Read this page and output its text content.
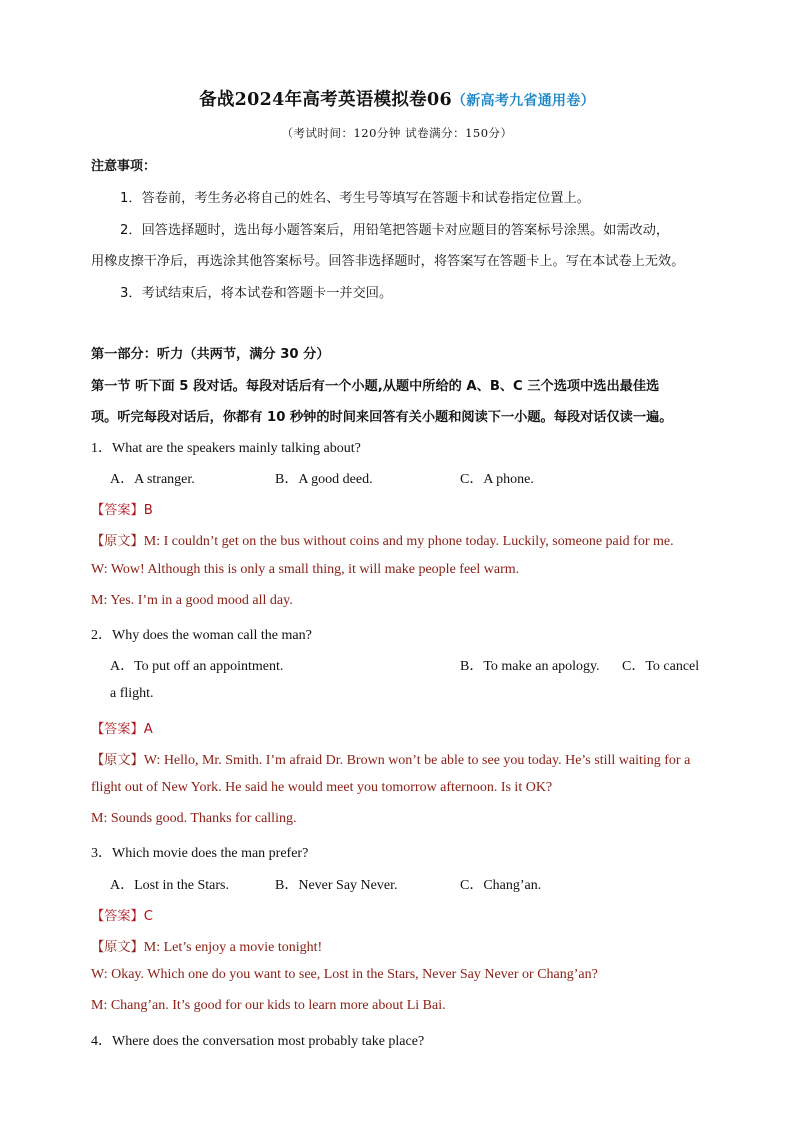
备战2024年高考英语模拟卷06（新高考九省通用卷）
（考试时间：120分钟 试卷满分：150分）
注意事项：
1．答卷前，考生务必将自己的姓名、考生号等填写在答题卡和试卷指定位置上。
2．回答选择题时，选出每小题答案后，用铅笔把答题卡对应题目的答案标号涂黑。如需改动，
用橡皮擦干净后，再选涂其他答案标号。回答非选择题时，将答案写在答题卡上。写在本试卷上无效。
3．考试结束后，将本试卷和答题卡一并交回。
第一部分：听力（共两节，满分 30 分）
第一节 听下面 5 段对话。每段对话后有一个小题,从题中所给的 A、B、C 三个选项中选出最佳选
项。听完每段对话后，你都有 10 秒钟的时间来回答有关小题和阅读下一小题。每段对话仅读一遍。
1．What are the speakers mainly talking about?
A．A stranger.	B．A good deed.	C．A phone.
【答案】B
【原文】M: I couldn’t get on the bus without coins and my phone today. Luckily, someone paid for me.
W: Wow! Although this is only a small thing, it will make people feel warm.
M: Yes. I’m in a good mood all day.
2．Why does the woman call the man?
A．To put off an appointment.	B．To make an apology. C．To cancel
a flight.
【答案】A
【原文】W: Hello, Mr. Smith. I’m afraid Dr. Brown won’t be able to see you today. He’s still waiting for a
flight out of New York. He said he would meet you tomorrow afternoon. Is it OK?
M: Sounds good. Thanks for calling.
3．Which movie does the man prefer?
A．Lost in the Stars.	B．Never Say Never.	C．Chang’an.
【答案】C
【原文】M: Let’s enjoy a movie tonight!
W: Okay. Which one do you want to see, Lost in the Stars, Never Say Never or Chang’an?
M: Chang’an. It’s good for our kids to learn more about Li Bai.
4．Where does the conversation most probably take place?
